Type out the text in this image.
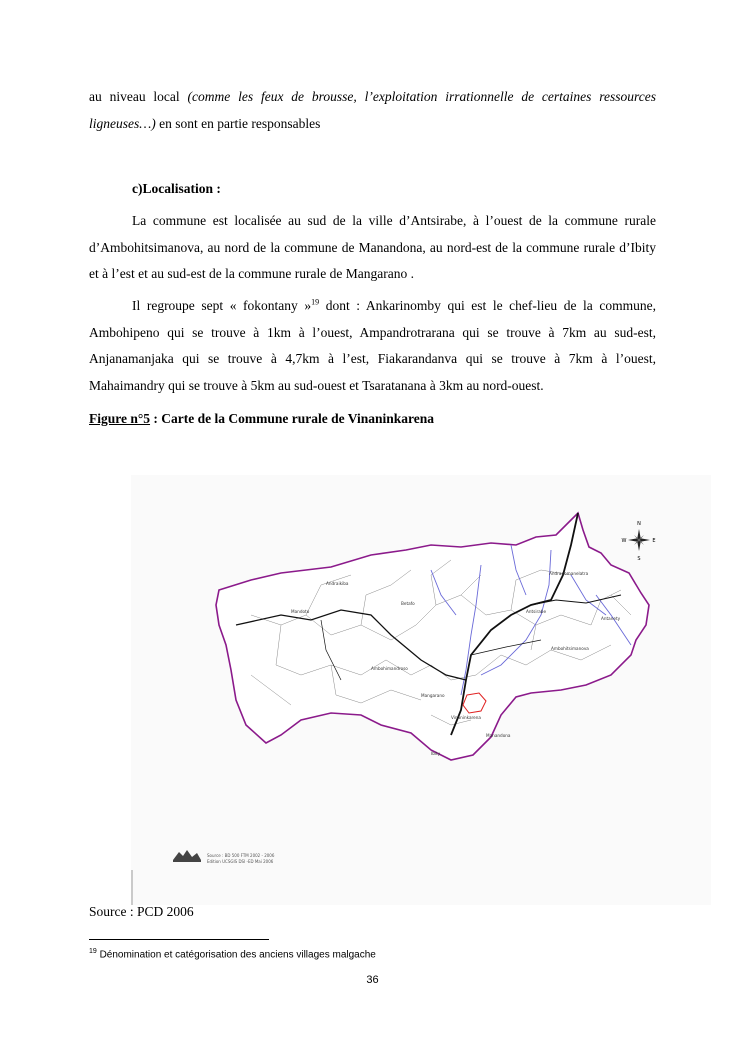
au niveau local (comme les feux de brousse, l’exploitation irrationnelle de certaines ressources ligneuses…) en sont en partie responsables

c)Localisation :

La commune est localisée au sud de la ville d’Antsirabe, à l’ouest de la commune rurale d’Ambohitsimanova, au nord de la commune de Manandona, au nord-est de la commune rurale d’Ibity et à l’est et au sud-est de la commune rurale de Mangarano .

Il regroupe sept « fokontany »$^{19}$ dont : Ankarinomby qui est le chef-lieu de la commune, Ambohipeno qui se trouve à 1km à l’ouest, Ampandrotrarana qui se trouve à 7km au sud-est, Anjanamanjaka qui se trouve à 4,7km à l’est, Fiakarandanva qui se trouve à 7km à l’ouest, Mahaimandry qui se trouve à 5km au sud-ouest et Tsaratanana à 3km au nord-ouest.

Figure n°5 : Carte de la Commune rurale de Vinaninkarena

Antsirabe
Mandoto
Vinaninkarena
Andranomanelatra
Ambohimandroso
Betafo
Antanety
Ibity
Manandona
Mangarano
Ambohitsimanova
Andraikiba
N
S
E
W
Source : BD 500 FTM 2002 - 2006
Edition UCSGIS DSI -ED Mai 2006

Source : PCD 2006

$^{19}$ Dénomination et catégorisation des anciens villages malgache

36
